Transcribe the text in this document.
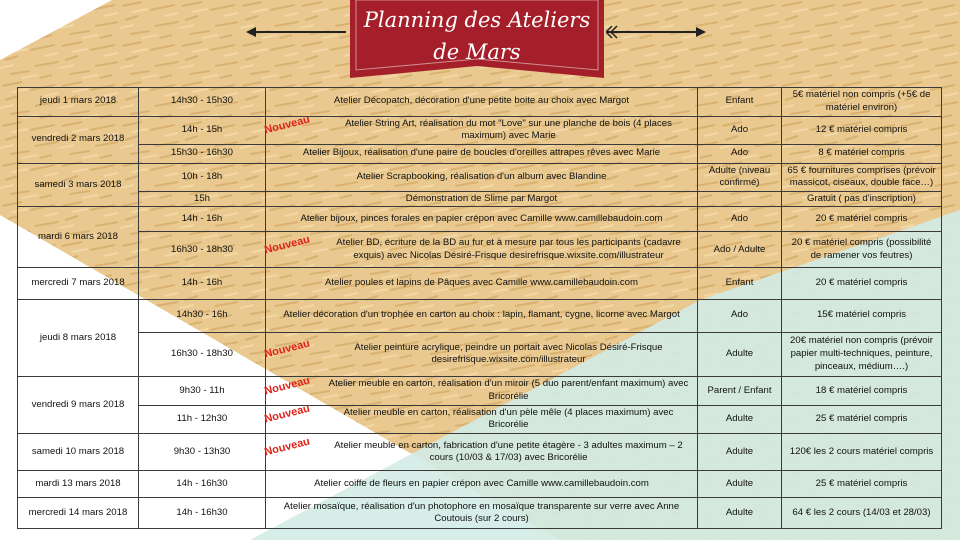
Planning des Ateliers
de Mars
jeudi 1 mars 2018	14h30 - 15h30	Atelier Décopatch, décoration d'une petite boite au choix avec Margot	Enfant	5€ matériel non compris (+5€ de matériel environ)
vendredi 2 mars 2018	14h - 15h	Nouveau Atelier String Art, réalisation du mot "Love" sur une planche de bois (4 places maximum) avec Marie	Ado	12 € matériel compris
	15h30 - 16h30	Atelier Bijoux, réalisation d'une paire de boucles d'oreilles attrapes rêves avec Marie	Ado	8 € matériel compris
samedi 3 mars 2018	10h - 18h	Atelier Scrapbooking, réalisation d'un album avec Blandine	Adulte (niveau confirmé)	65 € fournitures comprises (prévoir massicot, ciseaux, double face…)
	15h	Démonstration de Slime par Margot		Gratuit ( pas d'inscription)
mardi 6 mars 2018	14h - 16h	Atelier bijoux, pinces forales en papier crépon avec Camille www.camillebaudoin.com	Ado	20 € matériel compris
	16h30 - 18h30	Nouveau Atelier BD, écriture de la BD au fur et à mesure par tous les participants (cadavre exquis) avec Nicolas Désiré-Frisque desirefrisque.wixsite.com/illustrateur	Ado / Adulte	20 € matériel compris (possibilité de ramener vos feutres)
mercredi 7 mars 2018	14h - 16h	Atelier poules et lapins de Pâques avec Camille www.camillebaudoin.com	Enfant	20 € matériel compris
jeudi 8 mars 2018	14h30 - 16h	Atelier décoration d'un trophée en carton au choix : lapin, flamant, cygne, licorne avec Margot	Ado	15€ matériel compris
	16h30 - 18h30	Nouveau Atelier peinture acrylique, peindre un portait avec Nicolas Désiré-Frisque desirefrisque.wixsite.com/illustrateur	Adulte	20€ matériel non compris (prévoir papier multi-techniques, peinture, pinceaux, médium….)
vendredi 9 mars 2018	9h30 - 11h	Nouveau Atelier meuble en carton, réalisation d'un miroir (5 duo parent/enfant maximum) avec Bricorélie	Parent / Enfant	18 € matériel compris
	11h - 12h30	Nouveau Atelier meuble en carton, réalisation d'un pèle mêle (4 places maximum) avec Bricorélie	Adulte	25 € matériel compris
samedi 10 mars 2018	9h30 - 13h30	Nouveau Atelier meuble en carton, fabrication d'une petite étagère - 3 adultes maximum – 2 cours (10/03 & 17/03) avec Bricorélie	Adulte	120€ les 2 cours matériel compris
mardi 13 mars 2018	14h - 16h30	Atelier coiffe de fleurs en papier crépon avec Camille www.camillebaudoin.com	Adulte	25 € matériel compris
mercredi 14 mars 2018	14h - 16h30	Atelier mosaïque, réalisation d'un photophore en mosaïque transparente sur verre avec Anne Coutouis (sur 2 cours)	Adulte	64 € les 2 cours (14/03 et 28/03)
